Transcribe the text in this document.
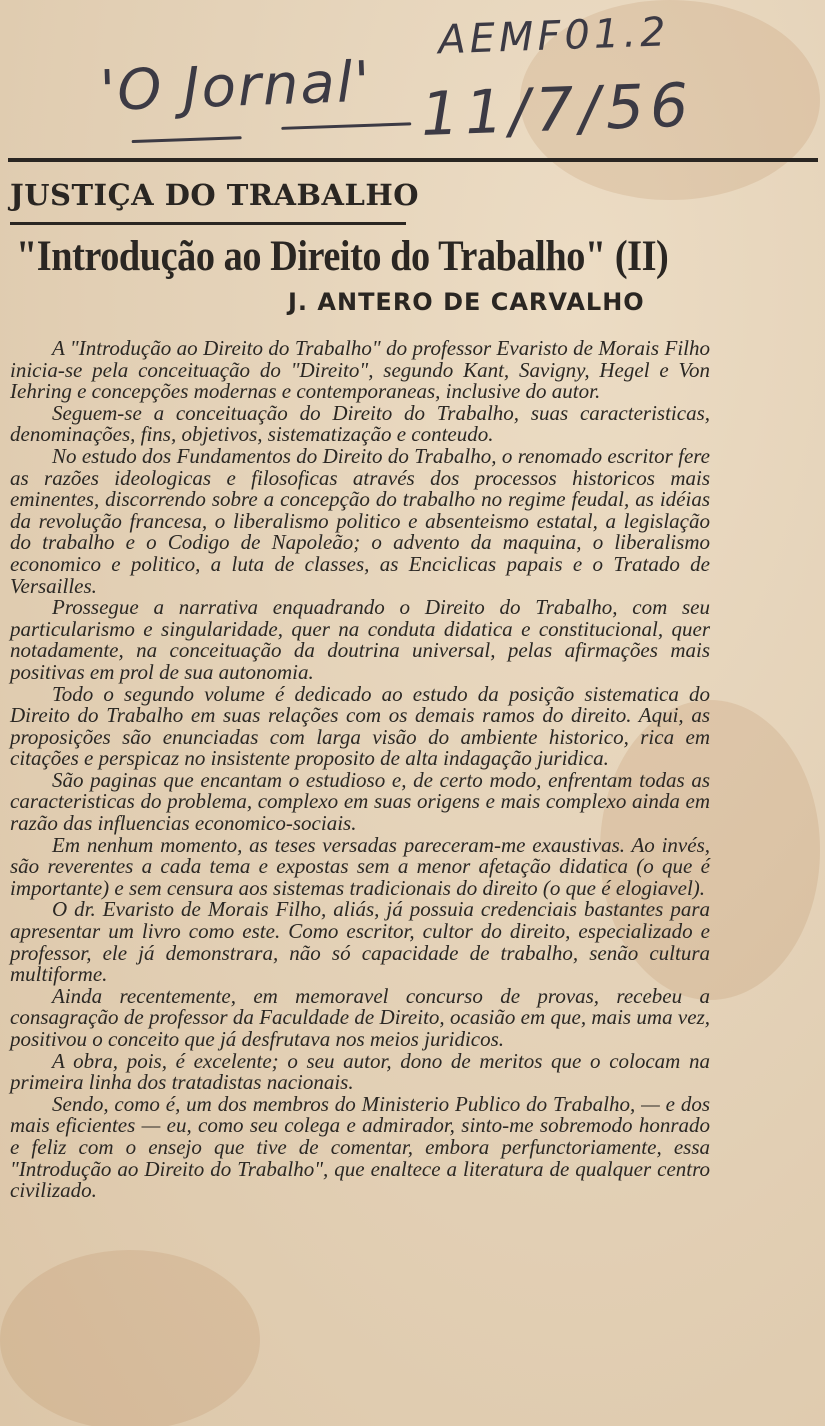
'O Jornal'
AEMF01.2
11/7/56
JUSTIÇA DO TRABALHO
"Introdução ao Direito do Trabalho" (II)
J. ANTERO DE CARVALHO

A "Introdução ao Direito do Trabalho" do professor Evaristo de Morais Filho inicia-se pela conceituação do "Direito", segundo Kant, Savigny, Hegel e Von Iehring e concepções modernas e contemporaneas, inclusive do autor.

Seguem-se a conceituação do Direito do Trabalho, suas caracteristicas, denominações, fins, objetivos, sistematização e conteudo.

No estudo dos Fundamentos do Direito do Trabalho, o renomado escritor fere as razões ideologicas e filosoficas através dos processos historicos mais eminentes, discorrendo sobre a concepção do trabalho no regime feudal, as idéias da revolução francesa, o liberalismo politico e absenteismo estatal, a legislação do trabalho e o Codigo de Napoleão; o advento da maquina, o liberalismo economico e politico, a luta de classes, as Enciclicas papais e o Tratado de Versailles.

Prossegue a narrativa enquadrando o Direito do Trabalho, com seu particularismo e singularidade, quer na conduta didatica e constitucional, quer notadamente, na conceituação da doutrina universal, pelas afirmações mais positivas em prol de sua autonomia.

Todo o segundo volume é dedicado ao estudo da posição sistematica do Direito do Trabalho em suas relações com os demais ramos do direito. Aqui, as proposições são enunciadas com larga visão do ambiente historico, rica em citações e perspicaz no insistente proposito de alta indagação juridica.

São paginas que encantam o estudioso e, de certo modo, enfrentam todas as caracteristicas do problema, complexo em suas origens e mais complexo ainda em razão das influencias economico-sociais.

Em nenhum momento, as teses versadas pareceram-me exaustivas. Ao invés, são reverentes a cada tema e expostas sem a menor afetação didatica (o que é importante) e sem censura aos sistemas tradicionais do direito (o que é elogiavel).

O dr. Evaristo de Morais Filho, aliás, já possuia credenciais bastantes para apresentar um livro como este. Como escritor, cultor do direito, especializado e professor, ele já demonstrara, não só capacidade de trabalho, senão cultura multiforme.

Ainda recentemente, em memoravel concurso de provas, recebeu a consagração de professor da Faculdade de Direito, ocasião em que, mais uma vez, positivou o conceito que já desfrutava nos meios juridicos.

A obra, pois, é excelente; o seu autor, dono de meritos que o colocam na primeira linha dos tratadistas nacionais.

Sendo, como é, um dos membros do Ministerio Publico do Trabalho, — e dos mais eficientes — eu, como seu colega e admirador, sinto-me sobremodo honrado e feliz com o ensejo que tive de comentar, embora perfunctoriamente, essa "Introdução ao Direito do Trabalho", que enaltece a literatura de qualquer centro civilizado.
